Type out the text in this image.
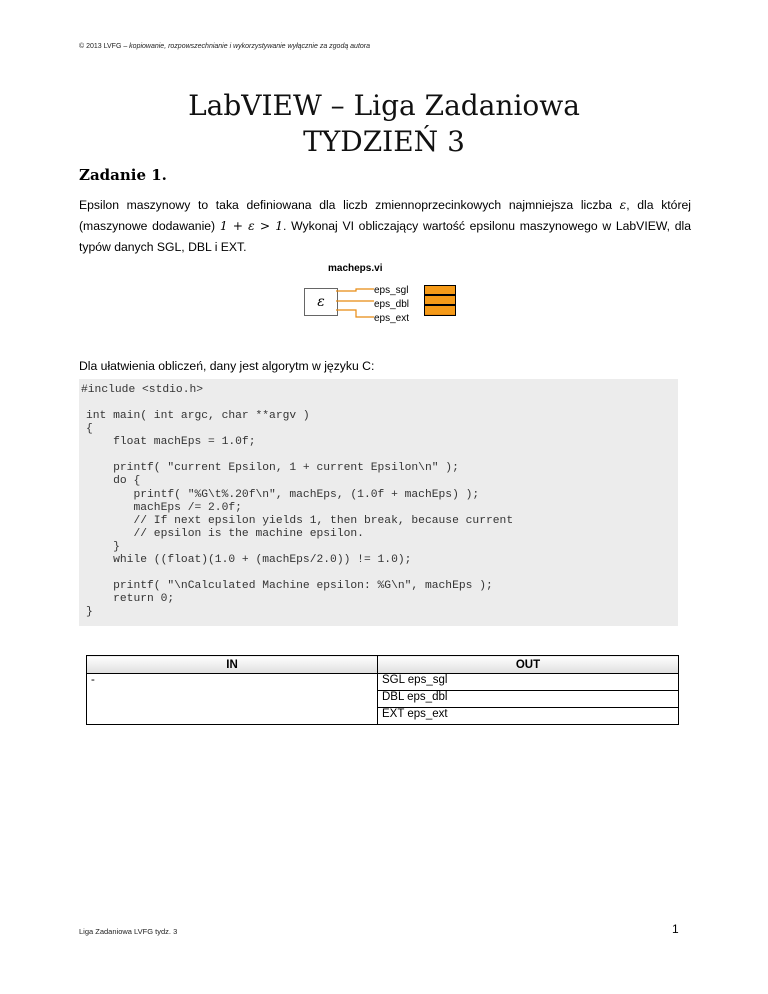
© 2013 LVFG – kopiowanie, rozpowszechnianie i wykorzystywanie wyłącznie za zgodą autora
LabVIEW – Liga Zadaniowa
TYDZIEŃ 3
Zadanie 1.
Epsilon maszynowy to taka definiowana dla liczb zmiennoprzecinkowych najmniejsza liczba ε, dla której (maszynowe dodawanie) 1 + ε > 1. Wykonaj VI obliczający wartość epsilonu maszynowego w LabVIEW, dla typów danych SGL, DBL i EXT.
macheps.vi
ε
eps_sgl
eps_dbl
eps_ext
Dla ułatwienia obliczeń, dany jest algorytm w języku C:

#include <stdio.h>

int main( int argc, char **argv )
{
float machEps = 1.0f;

printf( "current Epsilon, 1 + current Epsilon\n" );
do {
printf( "%G\t%.20f\n", machEps, (1.0f + machEps) );
machEps /= 2.0f;
// If next epsilon yields 1, then break, because current
// epsilon is the machine epsilon.
}
while ((float)(1.0 + (machEps/2.0)) != 1.0);

printf( "\nCalculated Machine epsilon: %G\n", machEps );
return 0;
}

IN	OUT
-	SGL eps_sgl
	DBL eps_dbl
	EXT eps_ext
Liga Zadaniowa LVFG tydz. 3	1
